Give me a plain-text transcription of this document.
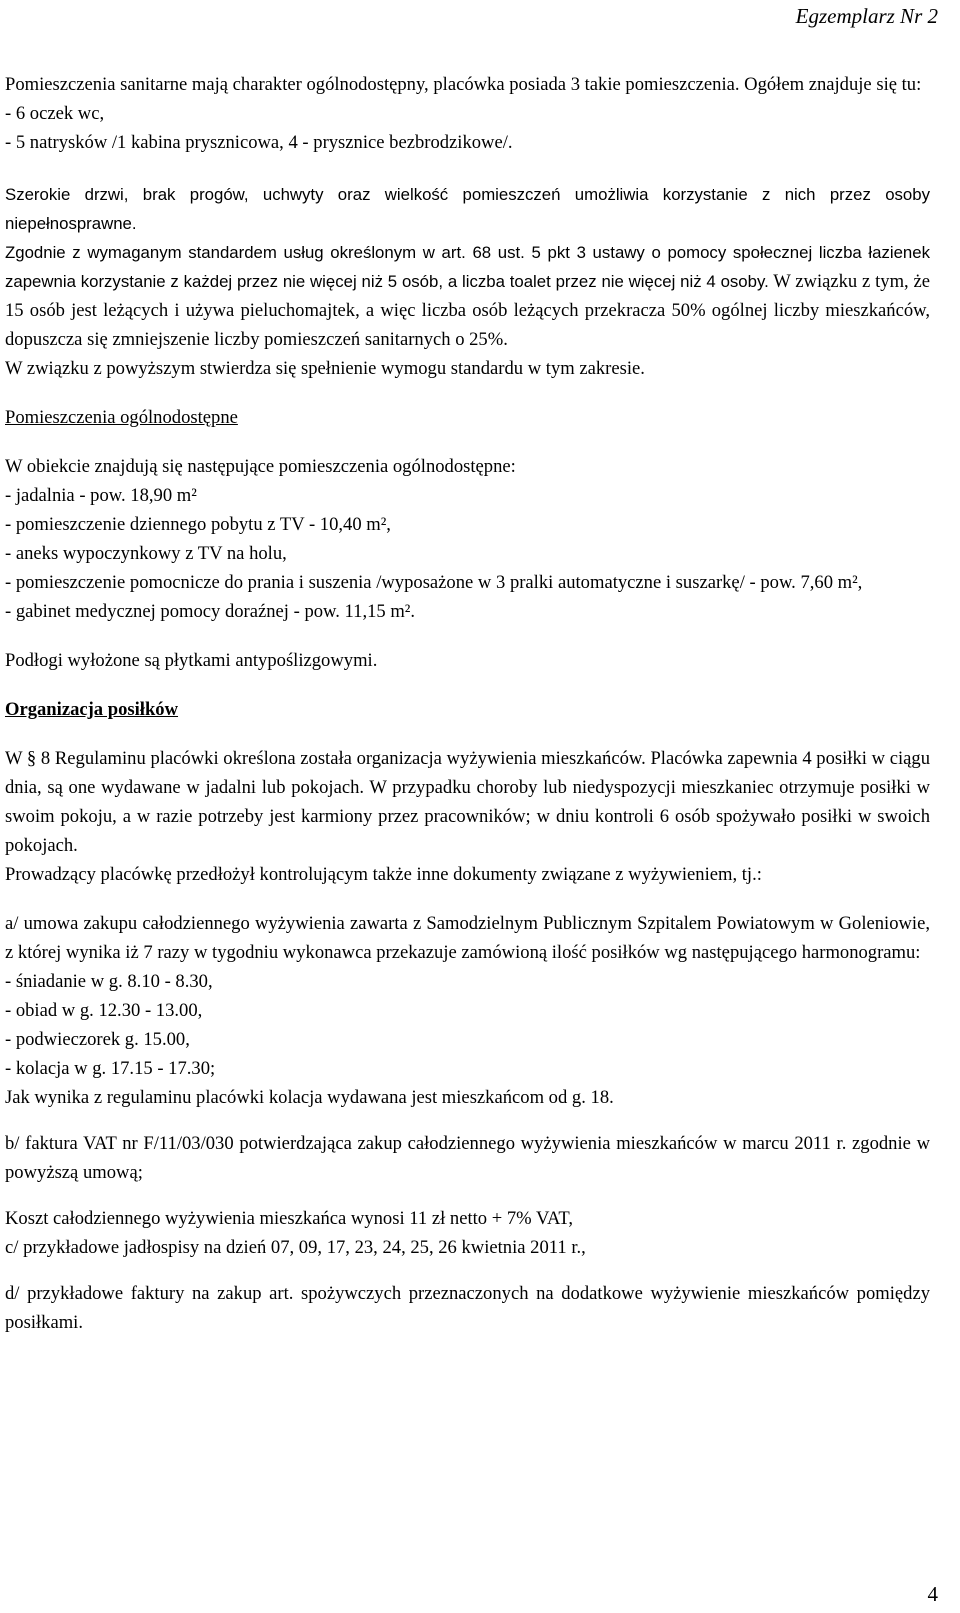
Egzemplarz Nr 2

Pomieszczenia sanitarne mają charakter ogólnodostępny, placówka posiada 3 takie pomieszczenia. Ogółem znajduje się tu:

- 6 oczek wc,

- 5 natrysków /1 kabina prysznicowa, 4 - prysznice bezbrodzikowe/.

Szerokie drzwi, brak progów, uchwyty oraz wielkość pomieszczeń umożliwia korzystanie z nich przez osoby niepełnosprawne.

Zgodnie z wymaganym standardem usług określonym w art. 68 ust. 5 pkt 3 ustawy o pomocy społecznej liczba łazienek zapewnia korzystanie z każdej przez nie więcej niż 5 osób, a liczba toalet przez nie więcej niż 4 osoby. W związku z tym, że 15 osób jest leżących i używa pieluchomajtek, a więc liczba osób leżących przekracza 50% ogólnej liczby mieszkańców, dopuszcza się zmniejszenie liczby pomieszczeń sanitarnych o 25%.

W związku z powyższym stwierdza się spełnienie wymogu standardu w tym zakresie.

Pomieszczenia ogólnodostępne

W obiekcie znajdują się następujące pomieszczenia ogólnodostępne:

- jadalnia - pow. 18,90 m²

- pomieszczenie dziennego pobytu z TV - 10,40 m²,

- aneks wypoczynkowy z TV na holu,

- pomieszczenie pomocnicze do prania i suszenia /wyposażone w 3 pralki automatyczne i suszarkę/ - pow. 7,60 m²,

- gabinet medycznej pomocy doraźnej - pow. 11,15 m².

Podłogi wyłożone są płytkami antypoślizgowymi.

Organizacja posiłków

W § 8 Regulaminu placówki określona została organizacja wyżywienia mieszkańców. Placówka zapewnia 4 posiłki w ciągu dnia, są one wydawane w jadalni lub pokojach. W przypadku choroby lub niedyspozycji mieszkaniec otrzymuje posiłki w swoim pokoju, a w razie potrzeby jest karmiony przez pracowników; w dniu kontroli 6 osób spożywało posiłki w swoich pokojach.

Prowadzący placówkę przedłożył kontrolującym także inne dokumenty związane z wyżywieniem, tj.:

a/ umowa zakupu całodziennego wyżywienia zawarta z Samodzielnym Publicznym Szpitalem Powiatowym w Goleniowie, z której wynika iż 7 razy w tygodniu wykonawca przekazuje zamówioną ilość posiłków wg następującego harmonogramu:

- śniadanie w g. 8.10 - 8.30,

- obiad w g. 12.30 - 13.00,

- podwieczorek g. 15.00,

- kolacja w g. 17.15 - 17.30;

Jak wynika z regulaminu placówki kolacja wydawana jest mieszkańcom od g. 18.

b/ faktura VAT nr F/11/03/030 potwierdzająca zakup całodziennego wyżywienia mieszkańców w marcu 2011 r. zgodnie w powyższą umową;

Koszt całodziennego wyżywienia mieszkańca wynosi 11 zł netto + 7% VAT,

c/ przykładowe jadłospisy na dzień 07, 09, 17, 23, 24, 25, 26 kwietnia 2011 r.,

d/ przykładowe faktury na zakup art. spożywczych przeznaczonych na dodatkowe wyżywienie mieszkańców pomiędzy posiłkami.

4
